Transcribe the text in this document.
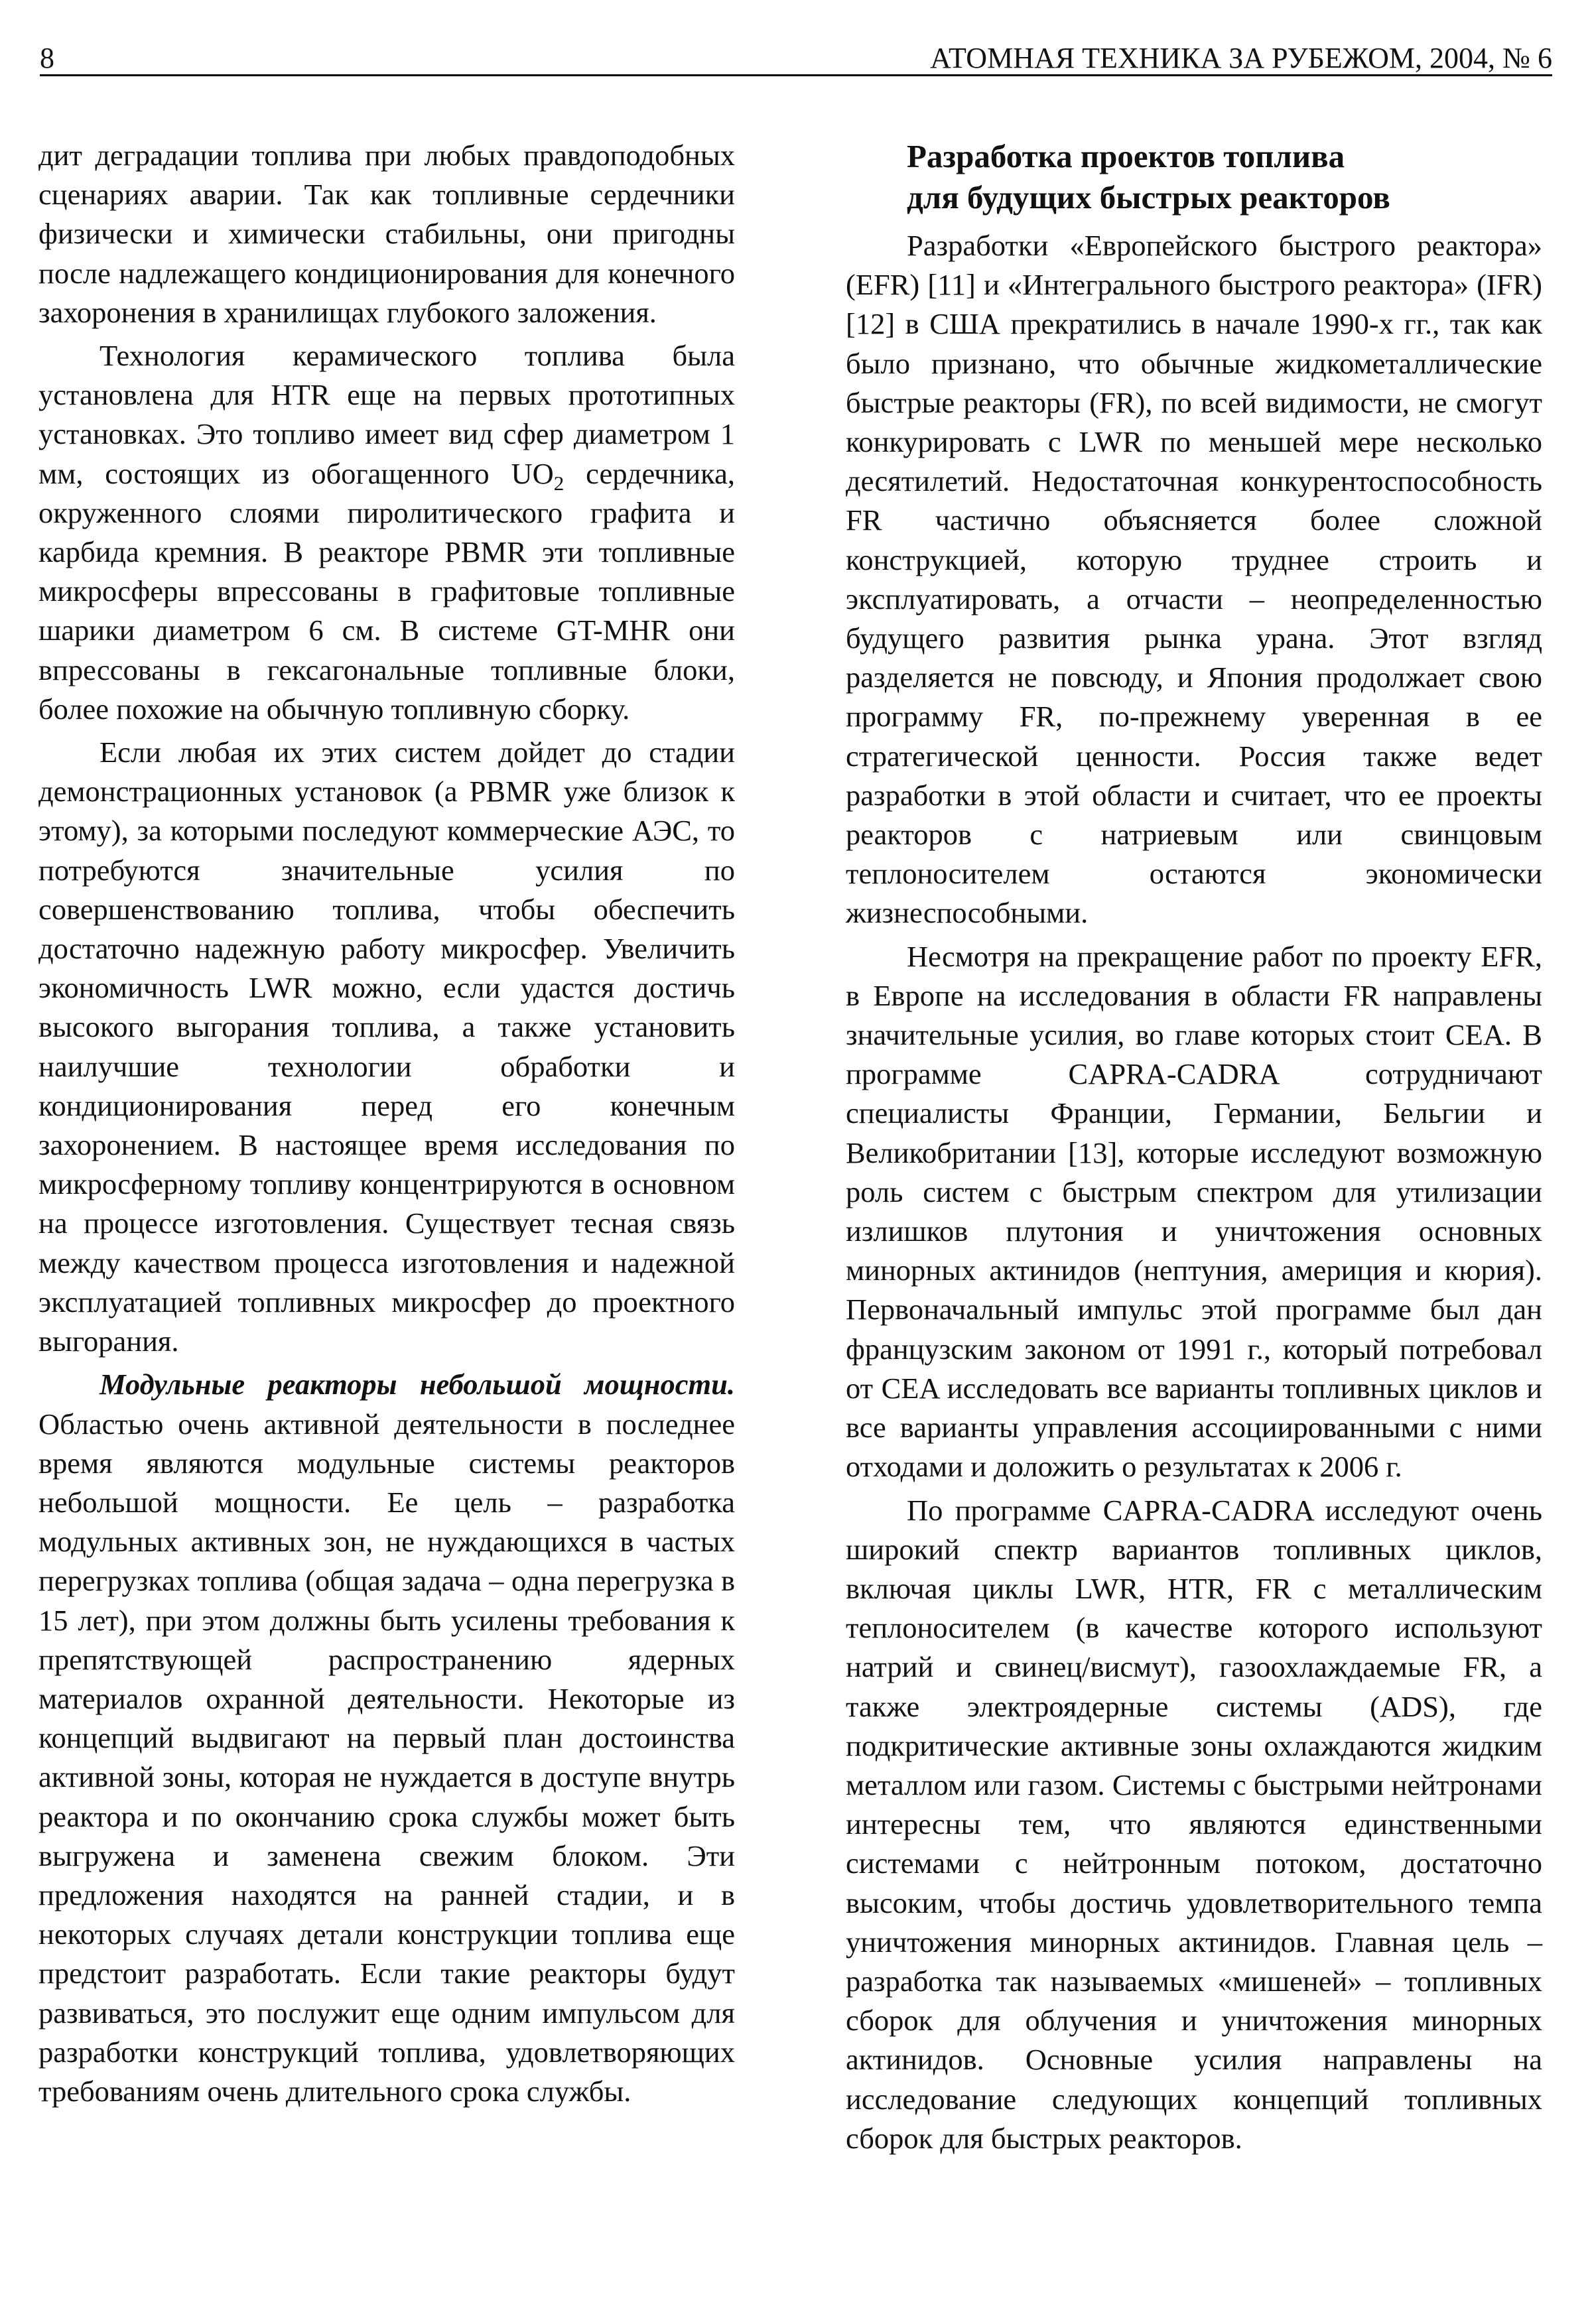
8	АТОМНАЯ ТЕХНИКА ЗА РУБЕЖОМ, 2004, № 6

дит деградации топлива при любых правдоподобных сценариях аварии. Так как топливные сердечники физически и химически стабильны, они пригодны после надлежащего кондиционирования для конечного захоронения в хранилищах глубокого заложения.

Технология керамического топлива была установлена для HTR еще на первых прототипных установках. Это топливо имеет вид сфер диаметром 1 мм, состоящих из обогащенного $UO_2$ сердечника, окруженного слоями пиролитического графита и карбида кремния. В реакторе PBMR эти топливные микросферы впрессованы в графитовые топливные шарики диаметром 6 см. В системе GT-MHR они впрессованы в гексагональные топливные блоки, более похожие на обычную топливную сборку.

Если любая их этих систем дойдет до стадии демонстрационных установок (а PBMR уже близок к этому), за которыми последуют коммерческие АЭС, то потребуются значительные усилия по совершенствованию топлива, чтобы обеспечить достаточно надежную работу микросфер. Увеличить экономичность LWR можно, если удастся достичь высокого выгорания топлива, а также установить наилучшие технологии обработки и кондиционирования перед его конечным захоронением. В настоящее время исследования по микросферному топливу концентрируются в основном на процессе изготовления. Существует тесная связь между качеством процесса изготовления и надежной эксплуатацией топливных микросфер до проектного выгорания.

Модульные реакторы небольшой мощности. Областью очень активной деятельности в последнее время являются модульные системы реакторов небольшой мощности. Ее цель – разработка модульных активных зон, не нуждающихся в частых перегрузках топлива (общая задача – одна перегрузка в 15 лет), при этом должны быть усилены требования к препятствующей распространению ядерных материалов охранной деятельности. Некоторые из концепций выдвигают на первый план достоинства активной зоны, которая не нуждается в доступе внутрь реактора и по окончанию срока службы может быть выгружена и заменена свежим блоком. Эти предложения находятся на ранней стадии, и в некоторых случаях детали конструкции топлива еще предстоит разработать. Если такие реакторы будут развиваться, это послужит еще одним импульсом для разработки конструкций топлива, удовлетворяющих требованиям очень длительного срока службы.

Разработка проектов топлива
для будущих быстрых реакторов

Разработки «Европейского быстрого реактора» (EFR) [11] и «Интегрального быстрого реактора» (IFR) [12] в США прекратились в начале 1990-х гг., так как было признано, что обычные жидкометаллические быстрые реакторы (FR), по всей видимости, не смогут конкурировать с LWR по меньшей мере несколько десятилетий. Недостаточная конкурентоспособность FR частично объясняется более сложной конструкцией, которую труднее строить и эксплуатировать, а отчасти – неопределенностью будущего развития рынка урана. Этот взгляд разделяется не повсюду, и Япония продолжает свою программу FR, по-прежнему уверенная в ее стратегической ценности. Россия также ведет разработки в этой области и считает, что ее проекты реакторов с натриевым или свинцовым теплоносителем остаются экономически жизнеспособными.

Несмотря на прекращение работ по проекту EFR, в Европе на исследования в области FR направлены значительные усилия, во главе которых стоит CEA. В программе CAPRA-CADRA сотрудничают специалисты Франции, Германии, Бельгии и Великобритании [13], которые исследуют возможную роль систем с быстрым спектром для утилизации излишков плутония и уничтожения основных минорных актинидов (нептуния, америция и кюрия). Первоначальный импульс этой программе был дан французским законом от 1991 г., который потребовал от CEA исследовать все варианты топливных циклов и все варианты управления ассоциированными с ними отходами и доложить о результатах к 2006 г.

По программе CAPRA-CADRA исследуют очень широкий спектр вариантов топливных циклов, включая циклы LWR, HTR, FR с металлическим теплоносителем (в качестве которого используют натрий и свинец/висмут), газоохлаждаемые FR, а также электроядерные системы (ADS), где подкритические активные зоны охлаждаются жидким металлом или газом. Системы с быстрыми нейтронами интересны тем, что являются единственными системами с нейтронным потоком, достаточно высоким, чтобы достичь удовлетворительного темпа уничтожения минорных актинидов. Главная цель – разработка так называемых «мишеней» – топливных сборок для облучения и уничтожения минорных актинидов. Основные усилия направлены на исследование следующих концепций топливных сборок для быстрых реакторов.
